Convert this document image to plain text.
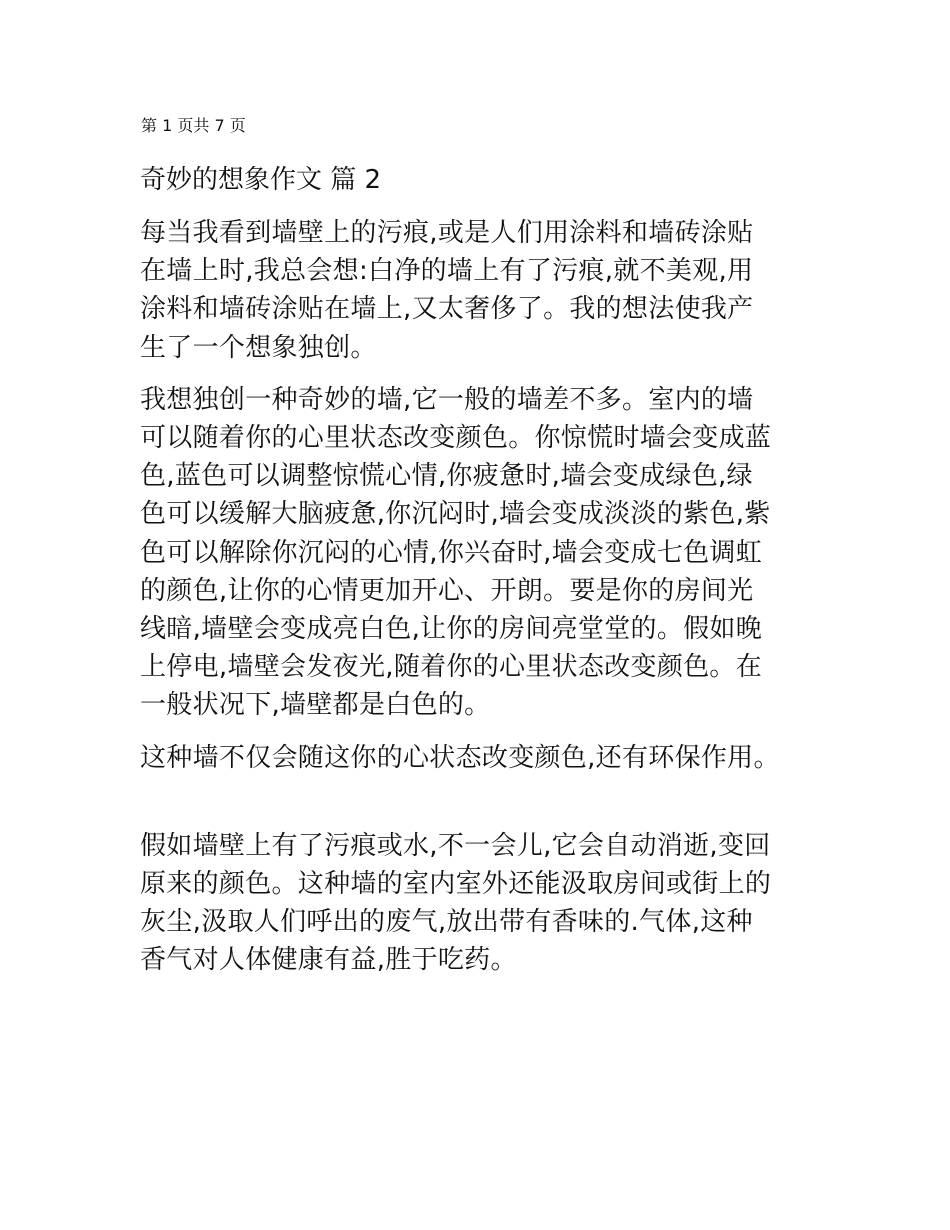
第 1 页共 7 页
奇妙的想象作文 篇 2
每当我看到墙壁上的污痕,或是人们用涂料和墙砖涂贴
在墙上时,我总会想:白净的墙上有了污痕,就不美观,用
涂料和墙砖涂贴在墙上,又太奢侈了。我的想法使我产
生了一个想象独创。
我想独创一种奇妙的墙,它一般的墙差不多。室内的墙
可以随着你的心里状态改变颜色。你惊慌时墙会变成蓝
色,蓝色可以调整惊慌心情,你疲惫时,墙会变成绿色,绿
色可以缓解大脑疲惫,你沉闷时,墙会变成淡淡的紫色,紫
色可以解除你沉闷的心情,你兴奋时,墙会变成七色调虹
的颜色,让你的心情更加开心、开朗。要是你的房间光
线暗,墙壁会变成亮白色,让你的房间亮堂堂的。假如晚
上停电,墙壁会发夜光,随着你的心里状态改变颜色。在
一般状况下,墙壁都是白色的。
这种墙不仅会随这你的心状态改变颜色,还有环保作用。
假如墙壁上有了污痕或水,不一会儿,它会自动消逝,变回
原来的颜色。这种墙的室内室外还能汲取房间或街上的
灰尘,汲取人们呼出的废气,放出带有香味的.气体,这种
香气对人体健康有益,胜于吃药。
